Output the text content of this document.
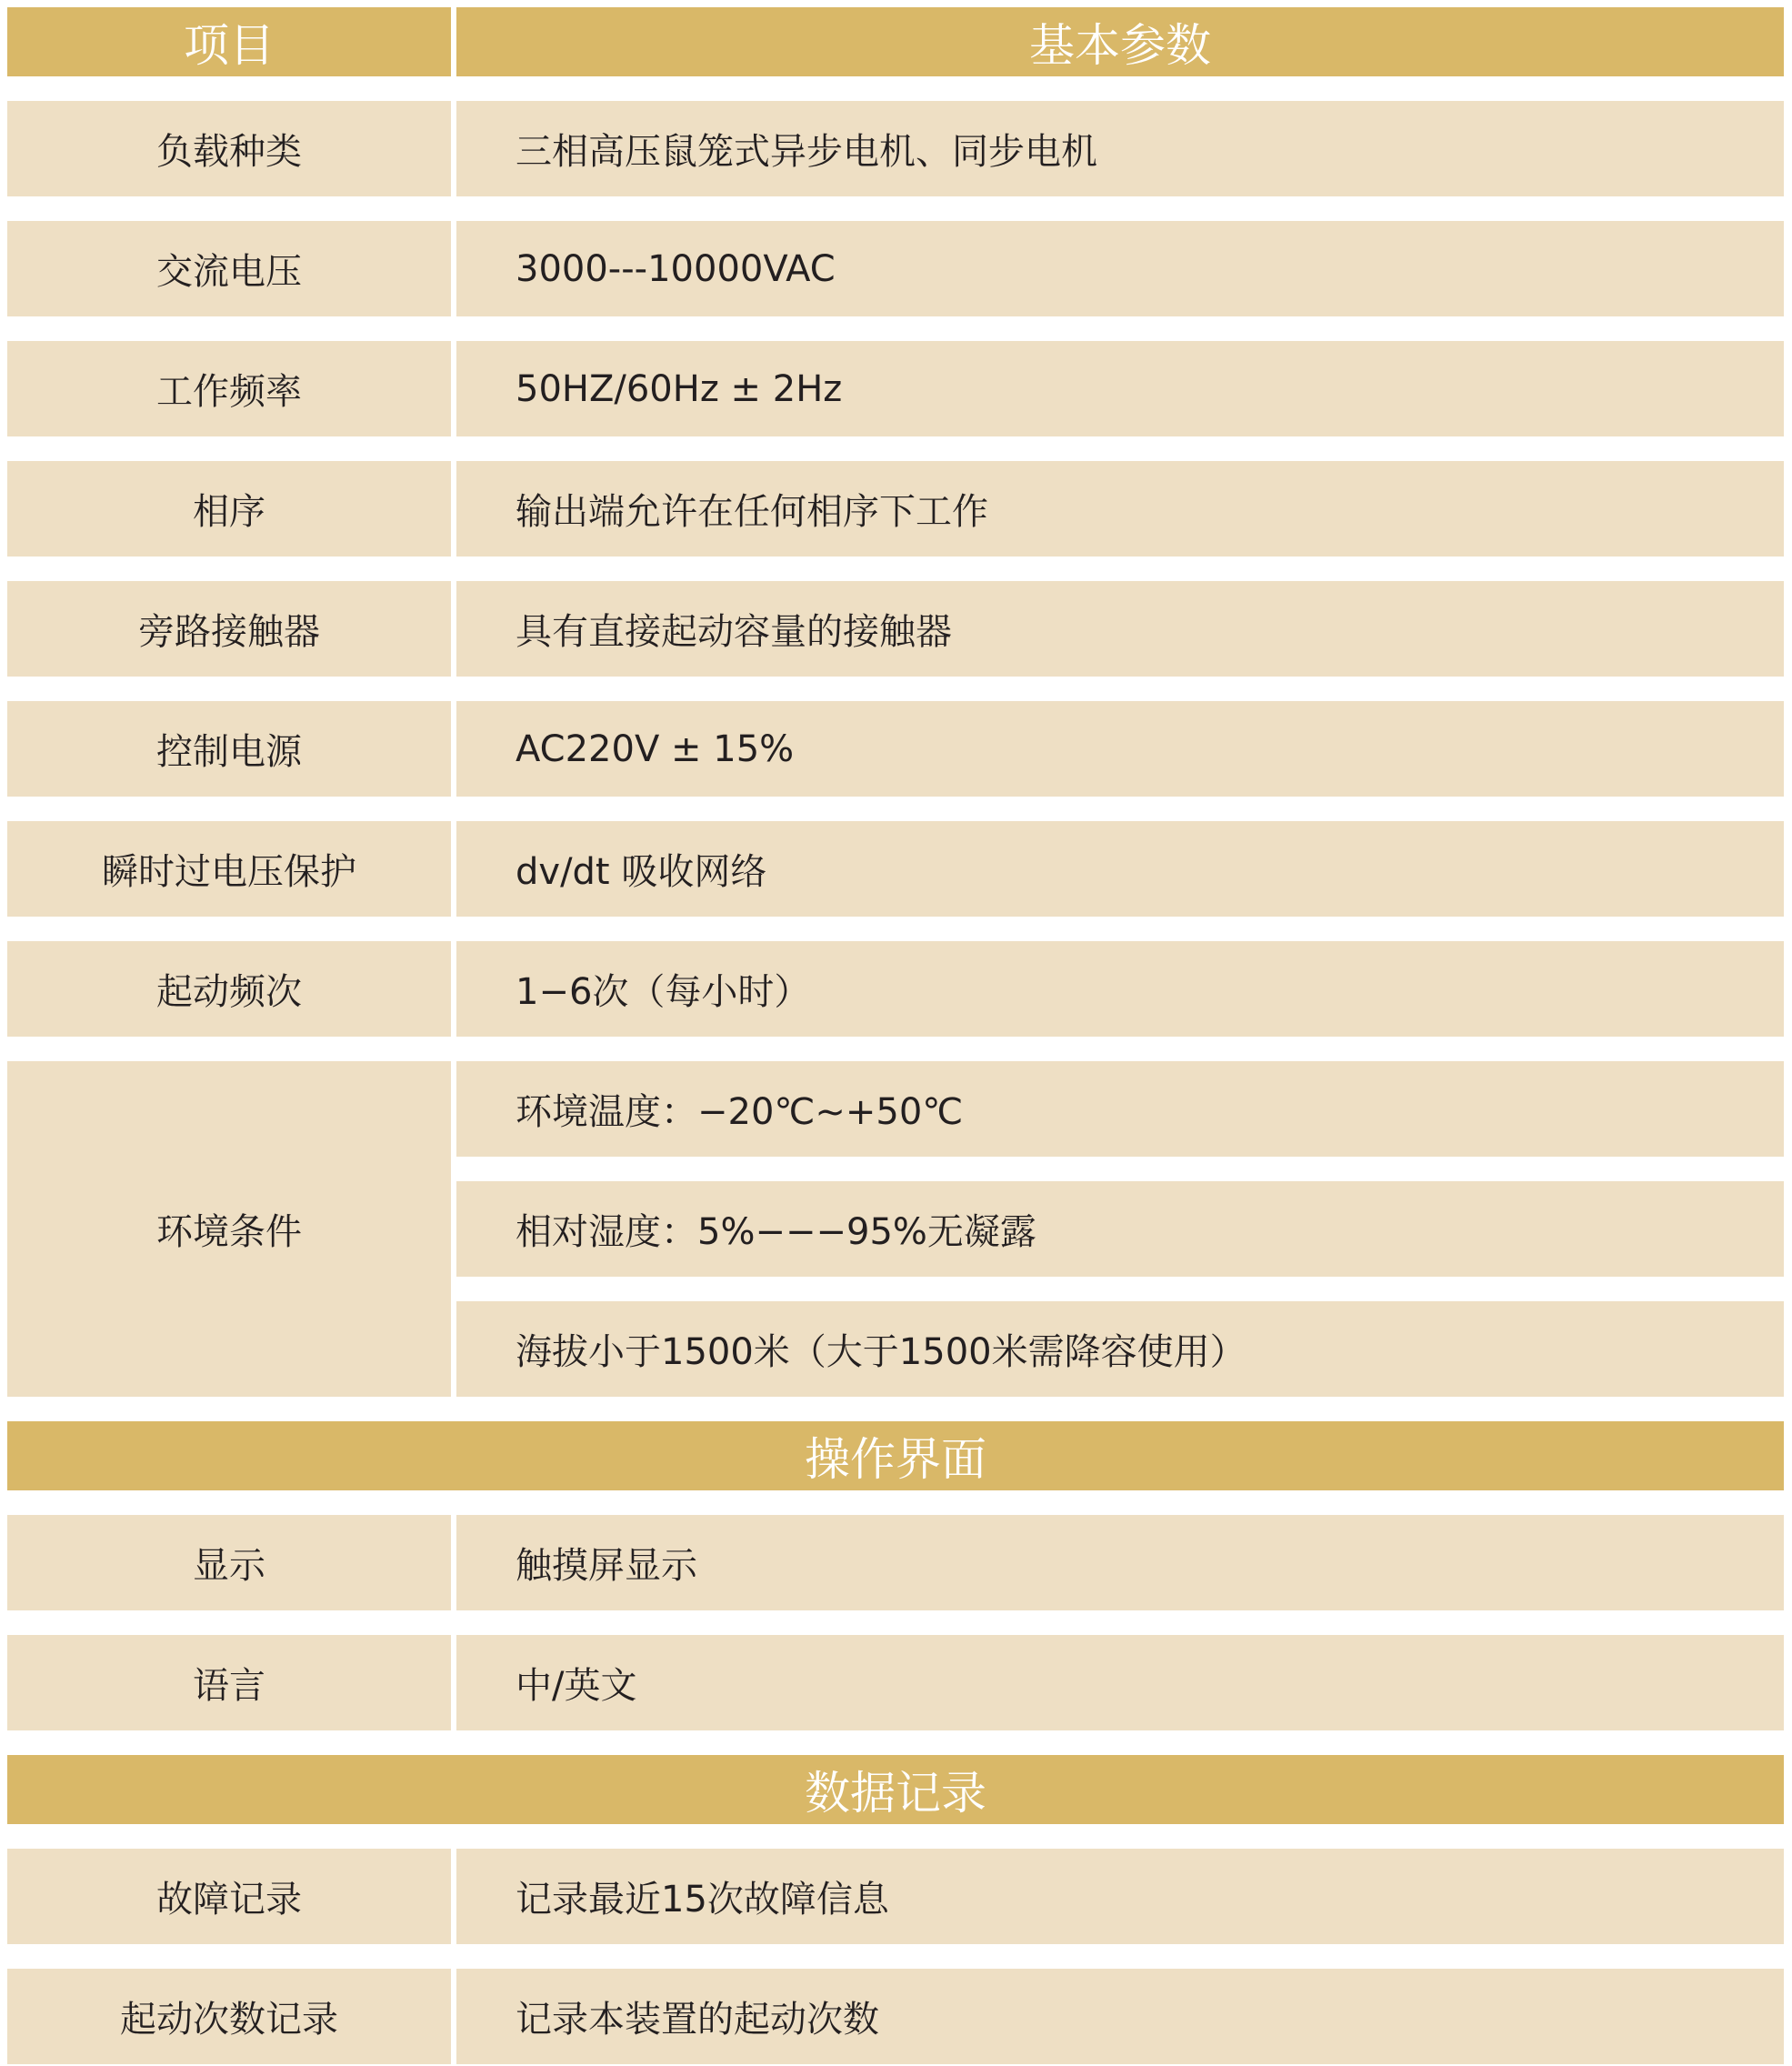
项目	基本参数
负载种类	三相高压鼠笼式异步电机、同步电机
交流电压	3000---10000VAC
工作频率	50HZ/60Hz ± 2Hz
相序	输出端允许在任何相序下工作
旁路接触器	具有直接起动容量的接触器
控制电源	AC220V ± 15%
瞬时过电压保护	dv/dt 吸收网络
起动频次	1−6次（每小时）
环境条件
环境温度：−20℃~+50℃
相对湿度：5%−−−95%无凝露
海拔小于1500米（大于1500米需降容使用）
操作界面
显示	触摸屏显示
语言	中/英文
数据记录
故障记录	记录最近15次故障信息
起动次数记录	记录本装置的起动次数
